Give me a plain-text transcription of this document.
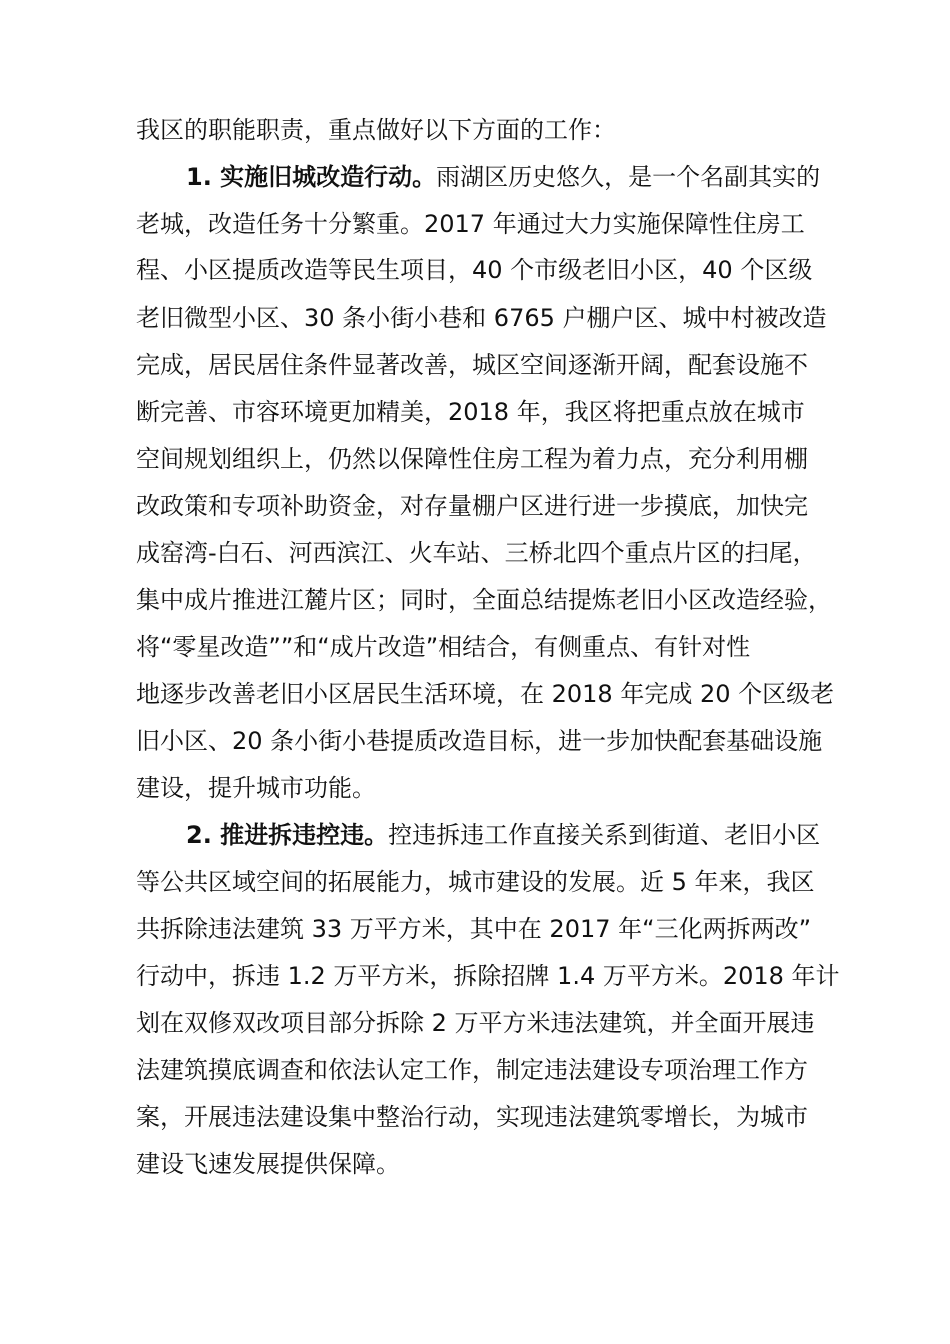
我区的职能职责，重点做好以下方面的工作：
1. 实施旧城改造行动。雨湖区历史悠久，是一个名副其实的
老城，改造任务十分繁重。2017 年通过大力实施保障性住房工
程、小区提质改造等民生项目，40 个市级老旧小区，40 个区级
老旧微型小区、30 条小街小巷和 6765 户棚户区、城中村被改造
完成，居民居住条件显著改善，城区空间逐渐开阔，配套设施不
断完善、市容环境更加精美，2018 年，我区将把重点放在城市
空间规划组织上，仍然以保障性住房工程为着力点，充分利用棚
改政策和专项补助资金，对存量棚户区进行进一步摸底，加快完
成窑湾-白石、河西滨江、火车站、三桥北四个重点片区的扫尾，
集中成片推进江麓片区；同时，全面总结提炼老旧小区改造经验，
将“零星改造””和“成片改造”相结合，有侧重点、有针对性
地逐步改善老旧小区居民生活环境，在 2018 年完成 20 个区级老
旧小区、20 条小街小巷提质改造目标，进一步加快配套基础设施
建设，提升城市功能。
2. 推进拆违控违。控违拆违工作直接关系到街道、老旧小区
等公共区域空间的拓展能力，城市建设的发展。近 5 年来，我区
共拆除违法建筑 33 万平方米，其中在 2017 年“三化两拆两改”
行动中，拆违 1.2 万平方米，拆除招牌 1.4 万平方米。2018 年计
划在双修双改项目部分拆除 2 万平方米违法建筑，并全面开展违
法建筑摸底调查和依法认定工作，制定违法建设专项治理工作方
案，开展违法建设集中整治行动，实现违法建筑零增长，为城市
建设飞速发展提供保障。
